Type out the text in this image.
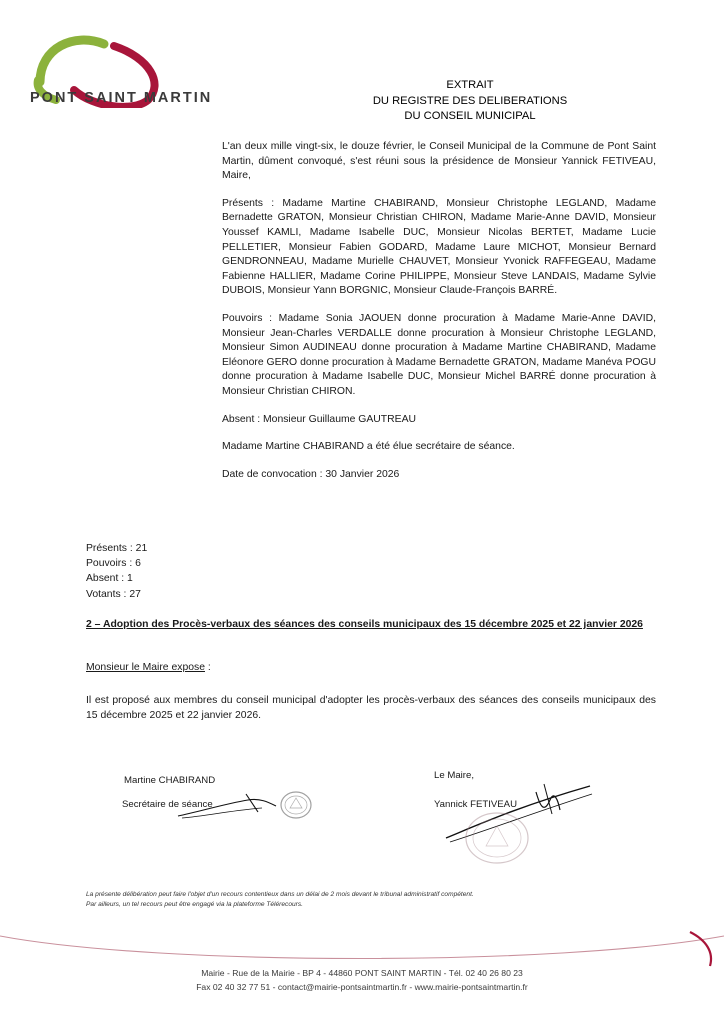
PONT SAINT MARTIN
EXTRAIT
DU REGISTRE DES DELIBERATIONS
DU CONSEIL MUNICIPAL

L'an deux mille vingt-six, le douze février, le Conseil Municipal de la Commune de Pont Saint Martin, dûment convoqué, s'est réuni sous la présidence de Monsieur Yannick FETIVEAU, Maire,

Présents : Madame Martine CHABIRAND, Monsieur Christophe LEGLAND, Madame Bernadette GRATON, Monsieur Christian CHIRON, Madame Marie-Anne DAVID, Monsieur Youssef KAMLI, Madame Isabelle DUC, Monsieur Nicolas BERTET, Madame Lucie PELLETIER, Monsieur Fabien GODARD, Madame Laure MICHOT, Monsieur Bernard GENDRONNEAU, Madame Murielle CHAUVET, Monsieur Yvonick RAFFEGEAU, Madame Fabienne HALLIER, Madame Corine PHILIPPE, Monsieur Steve LANDAIS, Madame Sylvie DUBOIS, Monsieur Yann BORGNIC, Monsieur Claude-François BARRÉ.

Pouvoirs : Madame Sonia JAOUEN donne procuration à Madame Marie-Anne DAVID, Monsieur Jean-Charles VERDALLE donne procuration à Monsieur Christophe LEGLAND, Monsieur Simon AUDINEAU donne procuration à Madame Martine CHABIRAND, Madame Eléonore GERO donne procuration à Madame Bernadette GRATON, Madame Manéva POGU donne procuration à Madame Isabelle DUC, Monsieur Michel BARRÉ donne procuration à Monsieur Christian CHIRON.

Absent : Monsieur Guillaume GAUTREAU

Madame Martine CHABIRAND a été élue secrétaire de séance.

Date de convocation : 30 Janvier 2026

Présents : 21
Pouvoirs : 6
Absent : 1
Votants : 27
2 – Adoption des Procès-verbaux des séances des conseils municipaux des 15 décembre 2025 et 22 janvier 2026
Monsieur le Maire expose :
Il est proposé aux membres du conseil municipal d'adopter les procès-verbaux des séances des conseils municipaux des 15 décembre 2025 et 22 janvier 2026.
Martine CHABIRAND
Secrétaire de séance
Le Maire,
Yannick FETIVEAU
La présente délibération peut faire l'objet d'un recours contentieux dans un délai de 2 mois devant le tribunal administratif compétent.
Par ailleurs, un tel recours peut être engagé via la plateforme Télérecours.
Mairie - Rue de la Mairie - BP 4 - 44860 PONT SAINT MARTIN - Tél. 02 40 26 80 23
Fax 02 40 32 77 51 - contact@mairie-pontsaintmartin.fr - www.mairie-pontsaintmartin.fr
